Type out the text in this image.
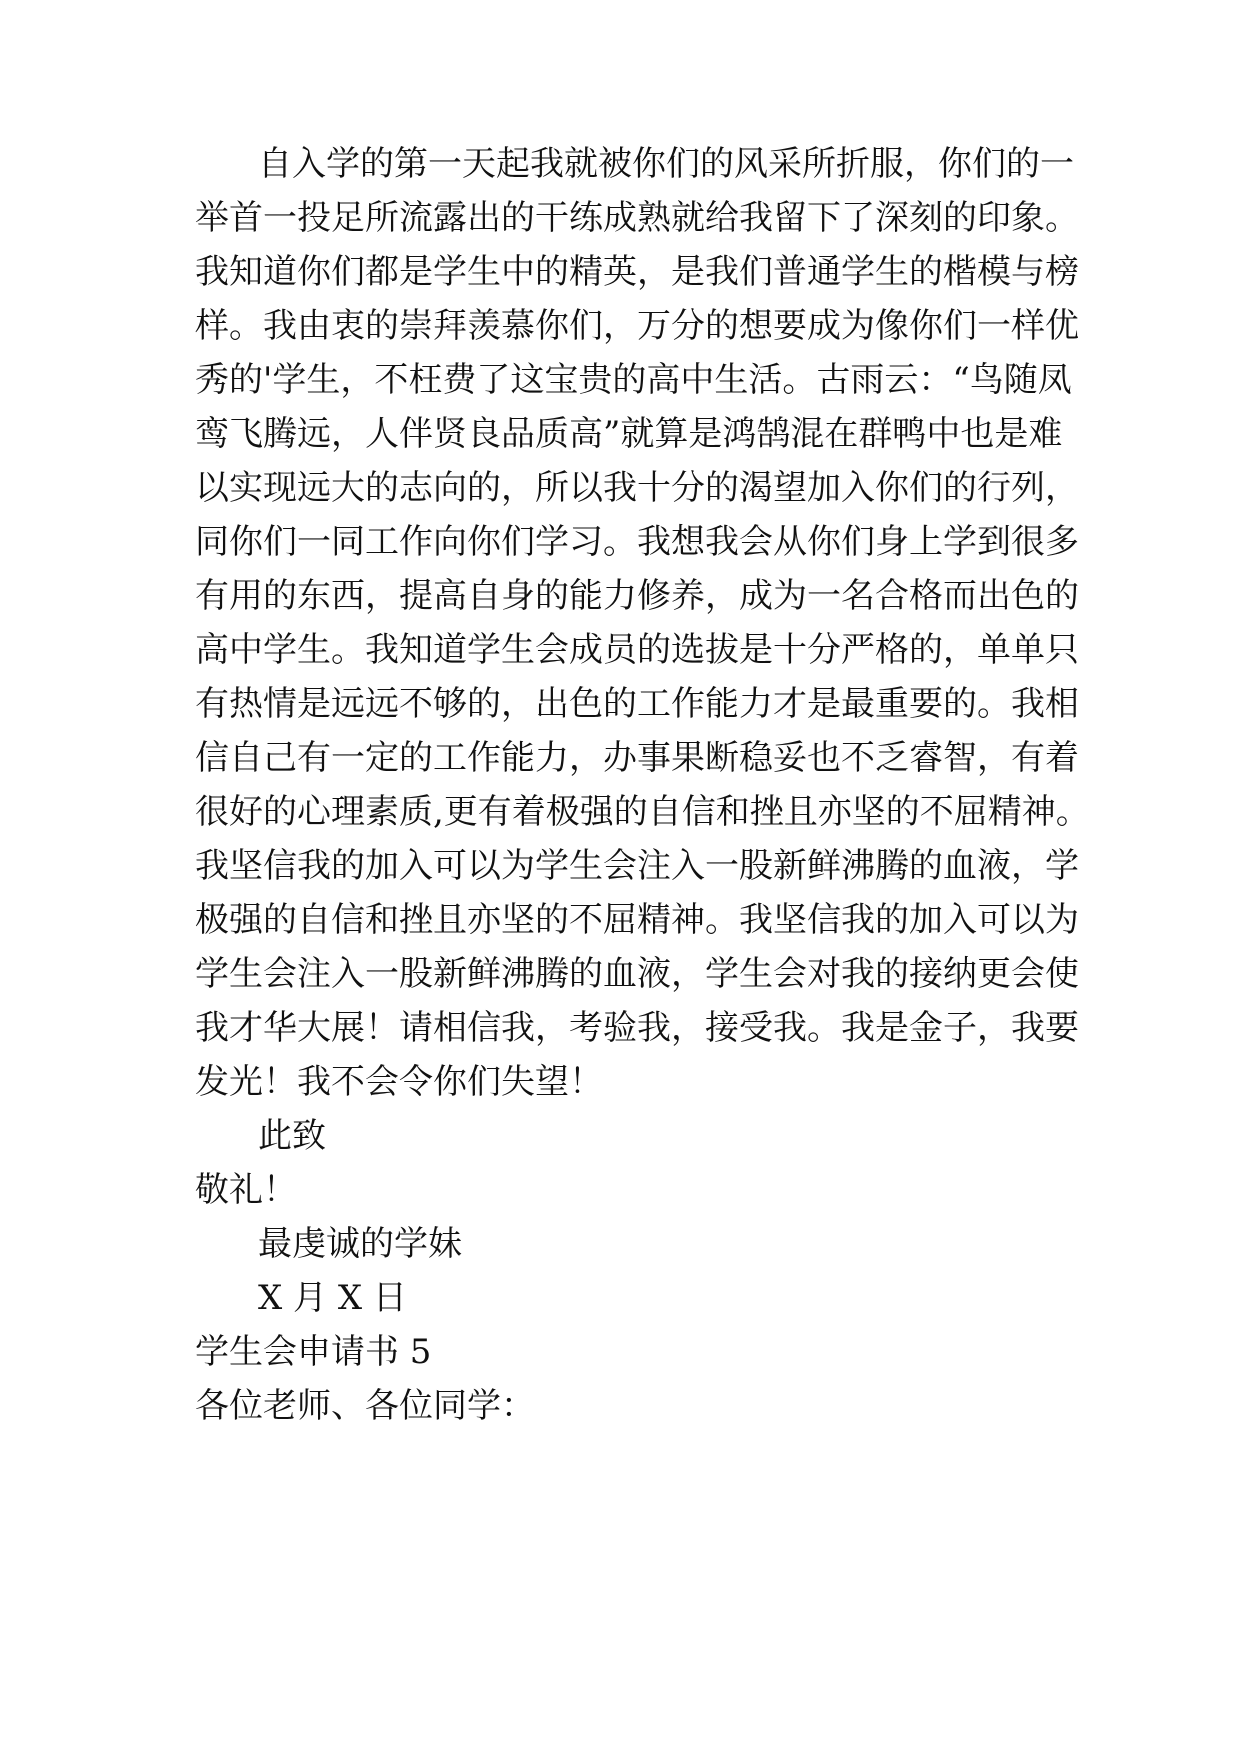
自入学的第一天起我就被你们的风采所折服，你们的一
举首一投足所流露出的干练成熟就给我留下了深刻的印象。
我知道你们都是学生中的精英，是我们普通学生的楷模与榜
样。我由衷的崇拜羡慕你们，万分的想要成为像你们一样优
秀的'学生，不枉费了这宝贵的高中生活。古雨云：“鸟随凤
鸾飞腾远，人伴贤良品质高”就算是鸿鹄混在群鸭中也是难
以实现远大的志向的，所以我十分的渴望加入你们的行列，
同你们一同工作向你们学习。我想我会从你们身上学到很多
有用的东西，提高自身的能力修养，成为一名合格而出色的
高中学生。我知道学生会成员的选拔是十分严格的，单单只
有热情是远远不够的，出色的工作能力才是最重要的。我相
信自己有一定的工作能力，办事果断稳妥也不乏睿智，有着
很好的心理素质,更有着极强的自信和挫且亦坚的不屈精神。
我坚信我的加入可以为学生会注入一股新鲜沸腾的血液，学
极强的自信和挫且亦坚的不屈精神。我坚信我的加入可以为
学生会注入一股新鲜沸腾的血液，学生会对我的接纳更会使
我才华大展！请相信我，考验我，接受我。我是金子，我要
发光！我不会令你们失望！
此致
敬礼！
最虔诚的学妹
X 月 X 日
学生会申请书 5
各位老师、各位同学：
